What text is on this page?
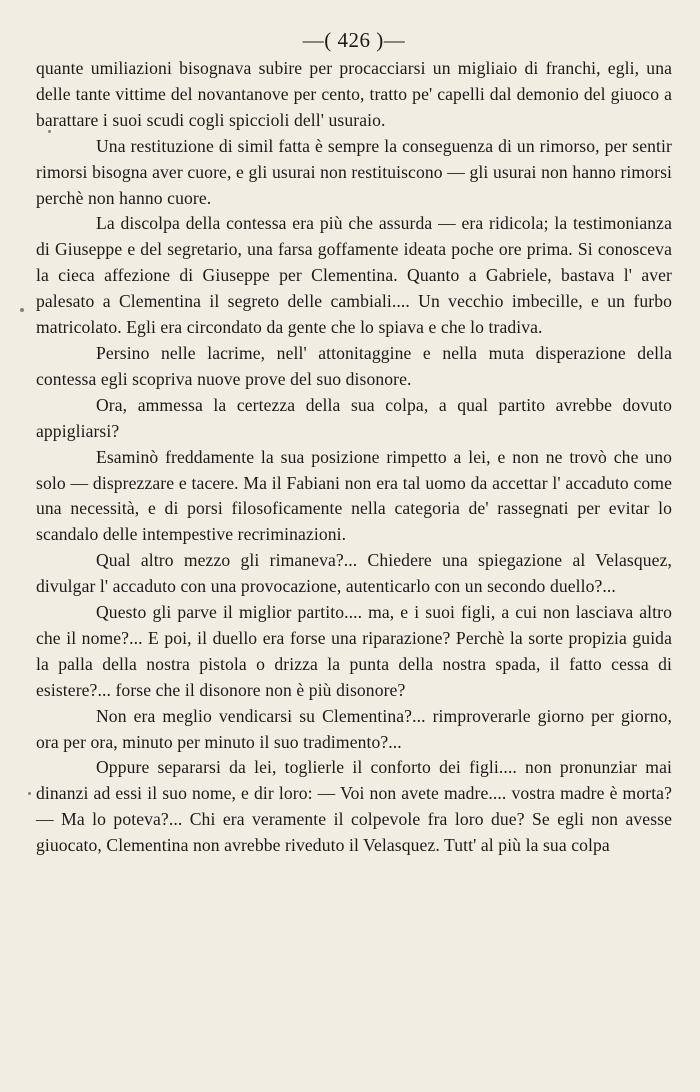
—( 426 )—

quante umiliazioni bisognava subire per procacciarsi un migliaio di franchi, egli, una delle tante vittime del novantanove per cento, tratto pe' capelli dal demonio del giuoco a barattare i suoi scudi cogli spiccioli dell' usuraio.

Una restituzione di simil fatta è sempre la conseguenza di un rimorso, per sentir rimorsi bisogna aver cuore, e gli usurai non restituiscono — gli usurai non hanno rimorsi perchè non hanno cuore.

La discolpa della contessa era più che assurda — era ridicola; la testimonianza di Giuseppe e del segretario, una farsa goffamente ideata poche ore prima. Si conosceva la cieca affezione di Giuseppe per Clementina. Quanto a Gabriele, bastava l' aver palesato a Clementina il segreto delle cambiali.... Un vecchio imbecille, e un furbo matricolato. Egli era circondato da gente che lo spiava e che lo tradiva.

Persino nelle lacrime, nell' attonitaggine e nella muta disperazione della contessa egli scopriva nuove prove del suo disonore.

Ora, ammessa la certezza della sua colpa, a qual partito avrebbe dovuto appigliarsi?

Esaminò freddamente la sua posizione rimpetto a lei, e non ne trovò che uno solo — disprezzare e tacere. Ma il Fabiani non era tal uomo da accettar l' accaduto come una necessità, e di porsi filosoficamente nella categoria de' rassegnati per evitar lo scandalo delle intempestive recriminazioni.

Qual altro mezzo gli rimaneva?... Chiedere una spiegazione al Velasquez, divulgar l' accaduto con una provocazione, autenticarlo con un secondo duello?...

Questo gli parve il miglior partito.... ma, e i suoi figli, a cui non lasciava altro che il nome?... E poi, il duello era forse una riparazione? Perchè la sorte propizia guida la palla della nostra pistola o drizza la punta della nostra spada, il fatto cessa di esistere?... forse che il disonore non è più disonore?

Non era meglio vendicarsi su Clementina?... rimproverarle giorno per giorno, ora per ora, minuto per minuto il suo tradimento?...

Oppure separarsi da lei, toglierle il conforto dei figli.... non pronunziar mai dinanzi ad essi il suo nome, e dir loro: — Voi non avete madre.... vostra madre è morta? — Ma lo poteva?... Chi era veramente il colpevole fra loro due? Se egli non avesse giuocato, Clementina non avrebbe riveduto il Velasquez. Tutt' al più la sua colpa
